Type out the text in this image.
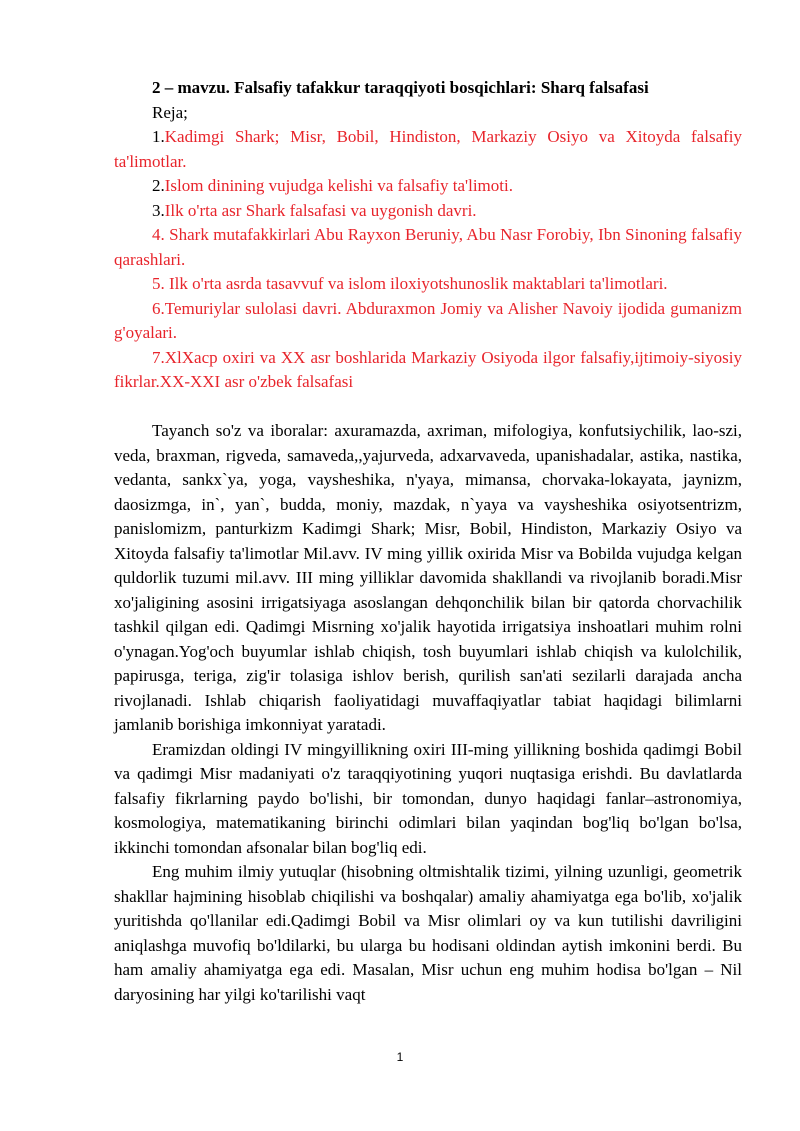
2 – mavzu. Falsafiy tafakkur taraqqiyoti bosqichlari: Sharq falsafasi

Reja;

1.Kadimgi Shark; Misr, Bobil, Hindiston, Markaziy Osiyo va Xitoyda falsafiy ta'limotlar.

2.Islom dinining vujudga kelishi va falsafiy ta'limoti.

3.Ilk o'rta asr Shark falsafasi va uygonish davri.

4. Shark mutafakkirlari Abu Rayxon Beruniy, Abu Nasr Forobiy, Ibn Sinoning falsafiy qarashlari.

5. Ilk o'rta asrda tasavvuf va islom iloxiyotshunoslik maktablari ta'limotlari.

6.Temuriylar sulolasi davri. Abduraxmon Jomiy va Alisher Navoiy ijodida gumanizm g'oyalari.

7.XlXacp oxiri va XX asr boshlarida Markaziy Osiyoda ilgor falsafiy,ijtimoiy-siyosiy fikrlar.XX-XXI asr o'zbek falsafasi

Tayanch so'z va iboralar: axuramazda, axriman, mifologiya, konfutsiychilik, lao-szi, veda, braxman, rigveda, samaveda,,yajurveda, adxarvaveda, upanishadalar, astika, nastika, vedanta, sankx`ya, yoga, vaysheshika, n'yaya, mimansa, chorvaka-lokayata, jaynizm, daosizmga, in`, yan`, budda, moniy, mazdak, n`yaya va vaysheshika osiyotsentrizm, panislomizm, panturkizm Kadimgi Shark; Misr, Bobil, Hindiston, Markaziy Osiyo va Xitoyda falsafiy ta'limotlar Mil.avv. IV ming yillik oxirida Misr va Bobilda vujudga kelgan quldorlik tuzumi mil.avv. III ming yilliklar davomida shakllandi va rivojlanib boradi.Misr xo'jaligining asosini irrigatsiyaga asoslangan dehqonchilik bilan bir qatorda chorvachilik tashkil qilgan edi. Qadimgi Misrning xo'jalik hayotida irrigatsiya inshoatlari muhim rolni o'ynagan.Yog'och buyumlar ishlab chiqish, tosh buyumlari ishlab chiqish va kulolchilik, papirusga, teriga, zig'ir tolasiga ishlov berish, qurilish san'ati sezilarli darajada ancha rivojlanadi. Ishlab chiqarish faoliyatidagi muvaffaqiyatlar tabiat haqidagi bilimlarni jamlanib borishiga imkonniyat yaratadi.

Eramizdan oldingi IV mingyillikning oxiri III-ming yillikning boshida qadimgi Bobil va qadimgi Misr madaniyati o'z taraqqiyotining yuqori nuqtasiga erishdi. Bu davlatlarda falsafiy fikrlarning paydo bo'lishi, bir tomondan, dunyo haqidagi fanlar–astronomiya, kosmologiya, matematikaning birinchi odimlari bilan yaqindan bog'liq bo'lgan bo'lsa, ikkinchi tomondan afsonalar bilan bog'liq edi.

Eng muhim ilmiy yutuqlar (hisobning oltmishtalik tizimi, yilning uzunligi, geometrik shakllar hajmining hisoblab chiqilishi va boshqalar) amaliy ahamiyatga ega bo'lib, xo'jalik yuritishda qo'llanilar edi.Qadimgi Bobil va Misr olimlari oy va kun tutilishi davriligini aniqlashga muvofiq bo'ldilarki, bu ularga bu hodisani oldindan aytish imkonini berdi. Bu ham amaliy ahamiyatga ega edi. Masalan, Misr uchun eng muhim hodisa bo'lgan – Nil daryosining har yilgi ko'tarilishi vaqt

1
